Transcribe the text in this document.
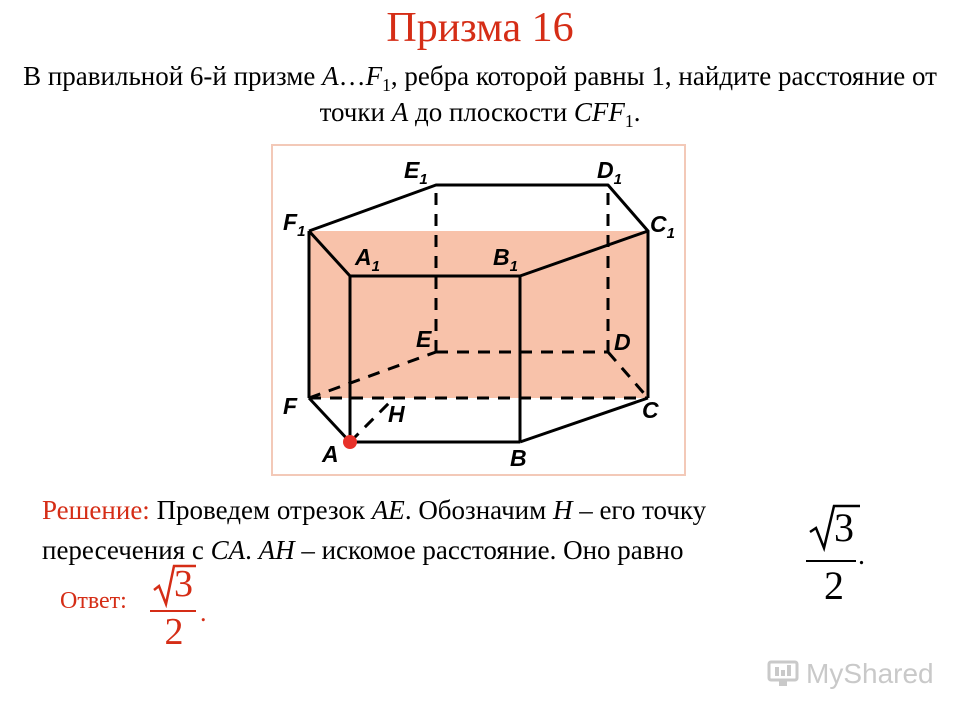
Призма 16
В правильной 6-й призме $A\dots F_1$, ребра которой равны 1, найдите расстояние от точки A до плоскости $CFF_1$.
$E_1$	$D_1$
$F_1$	$C_1$
$A_1$	$B_1$
E	D
F	C
H
A	B
Решение: Проведем отрезок AE. Обозначим H – его точку
пересечения с CA. AH – искомое расстояние. Оно равно	3
2
.
Ответ: 3
2 .
MyShared
